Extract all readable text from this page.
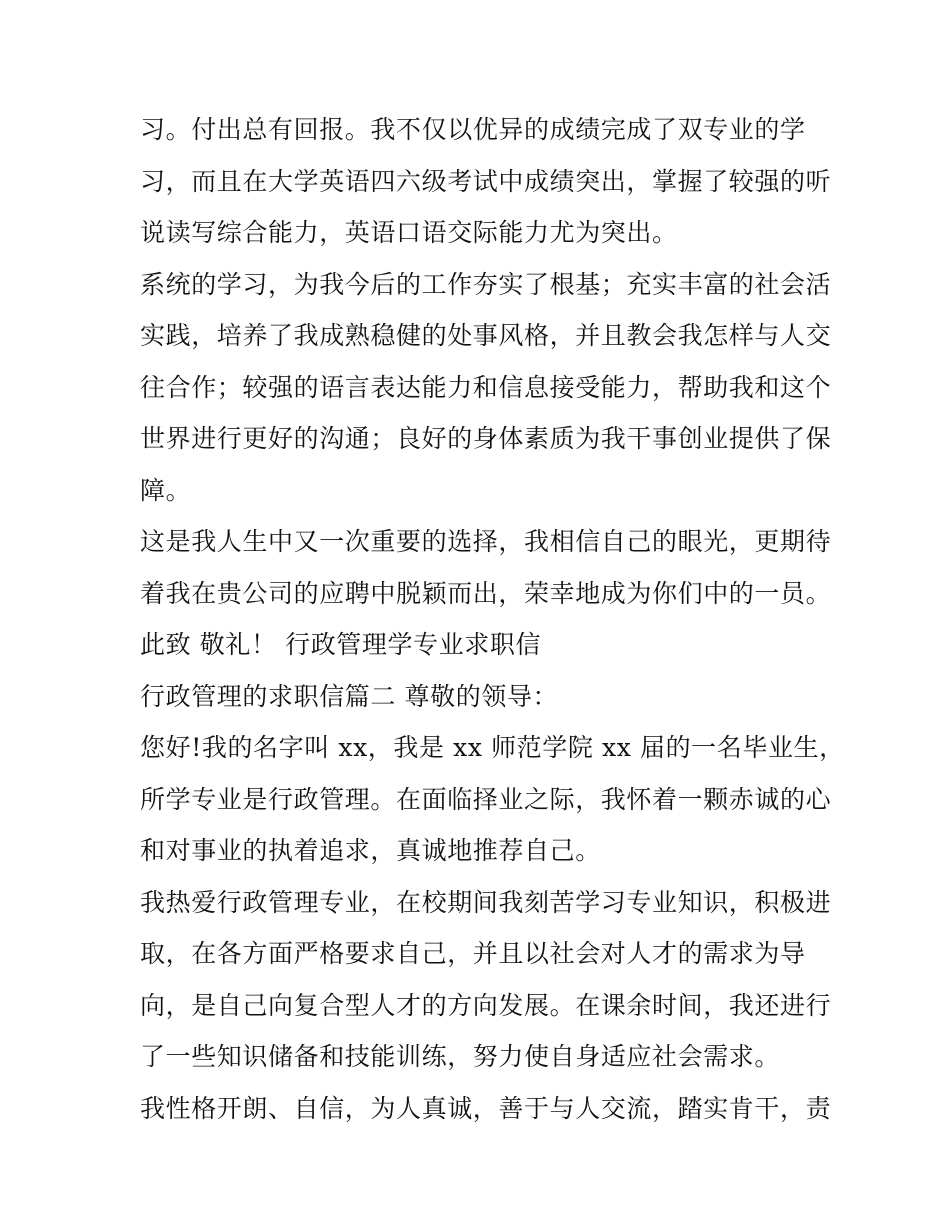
习。付出总有回报。我不仅以优异的成绩完成了双专业的学
习，而且在大学英语四六级考试中成绩突出，掌握了较强的听
说读写综合能力，英语口语交际能力尤为突出。
系统的学习，为我今后的工作夯实了根基；充实丰富的社会活
实践，培养了我成熟稳健的处事风格，并且教会我怎样与人交
往合作；较强的语言表达能力和信息接受能力，帮助我和这个
世界进行更好的沟通；良好的身体素质为我干事创业提供了保
障。
这是我人生中又一次重要的选择，我相信自己的眼光，更期待
着我在贵公司的应聘中脱颖而出，荣幸地成为你们中的一员。
此致 敬礼！ 行政管理学专业求职信
行政管理的求职信篇二 尊敬的领导：
您好!我的名字叫 xx，我是 xx 师范学院 xx 届的一名毕业生，
所学专业是行政管理。在面临择业之际，我怀着一颗赤诚的心
和对事业的执着追求，真诚地推荐自己。
我热爱行政管理专业，在校期间我刻苦学习专业知识，积极进
取，在各方面严格要求自己，并且以社会对人才的需求为导
向，是自己向复合型人才的方向发展。在课余时间，我还进行
了一些知识储备和技能训练，努力使自身适应社会需求。
我性格开朗、自信，为人真诚，善于与人交流，踏实肯干，责
